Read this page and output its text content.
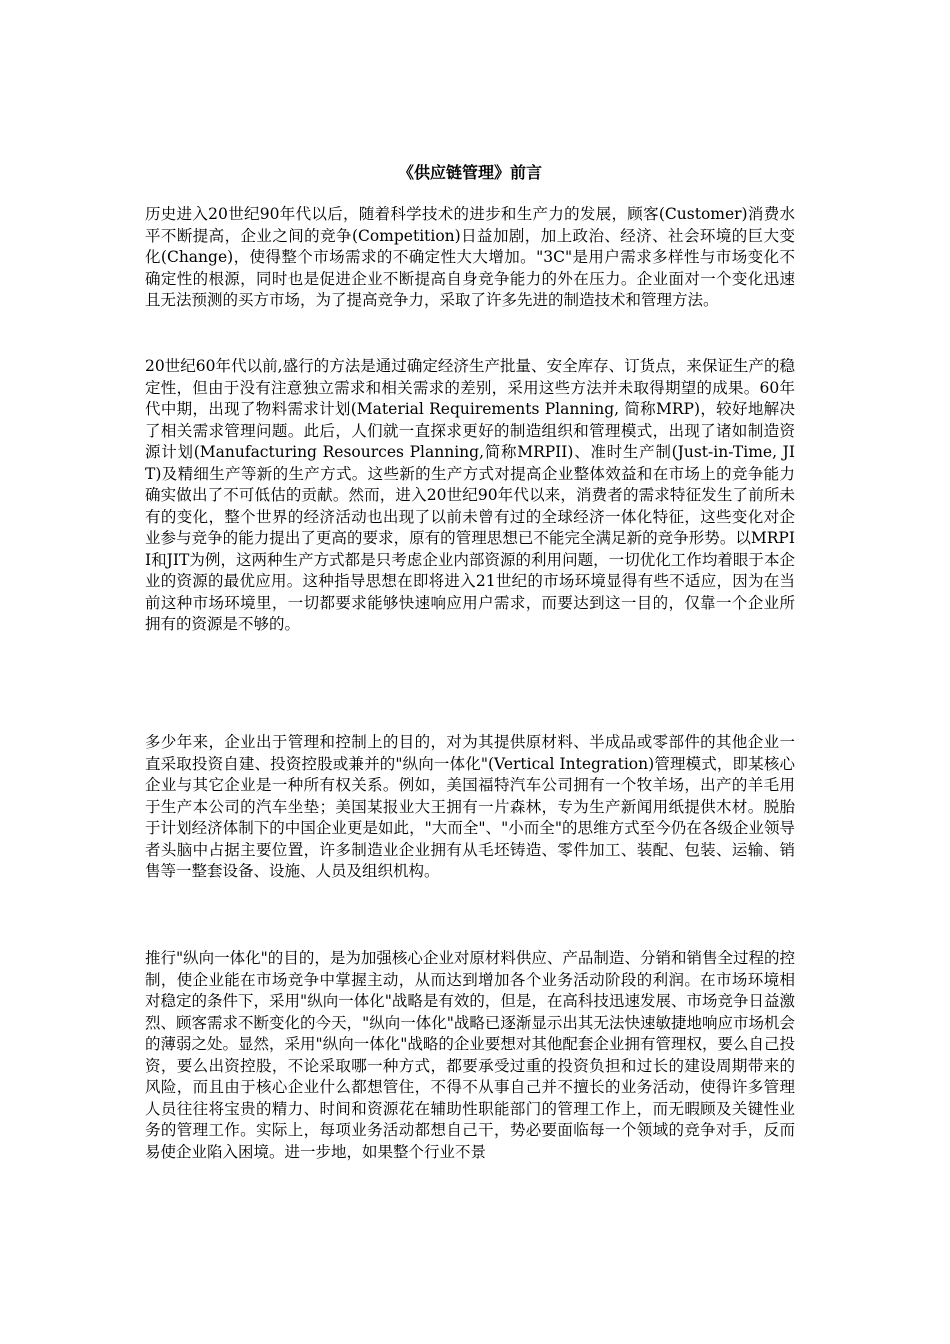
《供应链管理》前言

历史进入20世纪90年代以后，随着科学技术的进步和生产力的发展，顾客(Customer)消费水平不断提高，企业之间的竞争(Competition)日益加剧，加上政治、经济、社会环境的巨大变化(Change)，使得整个市场需求的不确定性大大增加。"3C"是用户需求多样性与市场变化不确定性的根源，同时也是促进企业不断提高自身竞争能力的外在压力。企业面对一个变化迅速且无法预测的买方市场，为了提高竞争力，采取了许多先进的制造技术和管理方法。

20世纪60年代以前,盛行的方法是通过确定经济生产批量、安全库存、订货点，来保证生产的稳定性，但由于没有注意独立需求和相关需求的差别，采用这些方法并未取得期望的成果。60年代中期，出现了物料需求计划(Material Requirements Planning, 简称MRP)，较好地解决了相关需求管理问题。此后，人们就一直探求更好的制造组织和管理模式，出现了诸如制造资源计划(Manufacturing Resources Planning,简称MRPII)、准时生产制(Just-in-Time, JIT)及精细生产等新的生产方式。这些新的生产方式对提高企业整体效益和在市场上的竞争能力确实做出了不可低估的贡献。然而，进入20世纪90年代以来，消费者的需求特征发生了前所未有的变化，整个世界的经济活动也出现了以前未曾有过的全球经济一体化特征，这些变化对企业参与竞争的能力提出了更高的要求，原有的管理思想已不能完全满足新的竞争形势。以MRPII和JIT为例，这两种生产方式都是只考虑企业内部资源的利用问题，一切优化工作均着眼于本企业的资源的最优应用。这种指导思想在即将进入21世纪的市场环境显得有些不适应，因为在当前这种市场环境里，一切都要求能够快速响应用户需求，而要达到这一目的，仅靠一个企业所拥有的资源是不够的。

多少年来，企业出于管理和控制上的目的，对为其提供原材料、半成品或零部件的其他企业一直采取投资自建、投资控股或兼并的"纵向一体化"(Vertical Integration)管理模式，即某核心企业与其它企业是一种所有权关系。例如，美国福特汽车公司拥有一个牧羊场，出产的羊毛用于生产本公司的汽车坐垫；美国某报业大王拥有一片森林，专为生产新闻用纸提供木材。脱胎于计划经济体制下的中国企业更是如此，"大而全"、"小而全"的思维方式至今仍在各级企业领导者头脑中占据主要位置，许多制造业企业拥有从毛坯铸造、零件加工、装配、包装、运输、销售等一整套设备、设施、人员及组织机构。

推行"纵向一体化"的目的，是为加强核心企业对原材料供应、产品制造、分销和销售全过程的控制，使企业能在市场竞争中掌握主动，从而达到增加各个业务活动阶段的利润。在市场环境相对稳定的条件下，采用"纵向一体化"战略是有效的，但是，在高科技迅速发展、市场竞争日益激烈、顾客需求不断变化的今天，"纵向一体化"战略已逐渐显示出其无法快速敏捷地响应市场机会的薄弱之处。显然，采用"纵向一体化"战略的企业要想对其他配套企业拥有管理权，要么自己投资，要么出资控股，不论采取哪一种方式，都要承受过重的投资负担和过长的建设周期带来的风险，而且由于核心企业什么都想管住，不得不从事自己并不擅长的业务活动，使得许多管理人员往往将宝贵的精力、时间和资源花在辅助性职能部门的管理工作上，而无暇顾及关键性业务的管理工作。实际上，每项业务活动都想自己干，势必要面临每一个领域的竞争对手，反而易使企业陷入困境。进一步地，如果整个行业不景
